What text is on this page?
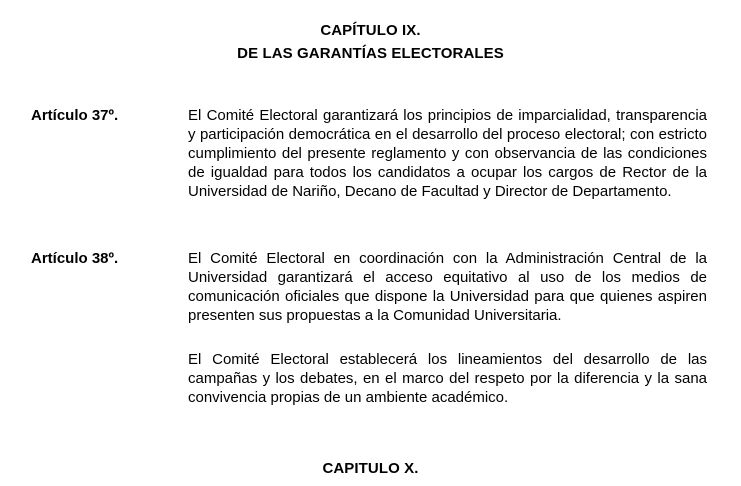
CAPÍTULO IX.
DE LAS GARANTÍAS ELECTORALES
Artículo 37º.	El Comité Electoral garantizará los principios de imparcialidad, transparencia y participación democrática en el desarrollo del proceso electoral; con estricto cumplimiento del presente reglamento y con observancia de las condiciones de igualdad para todos los candidatos a ocupar los cargos de Rector de la Universidad de Nariño, Decano de Facultad y Director de Departamento.

Artículo 38º.	El Comité Electoral en coordinación con la Administración Central de la Universidad garantizará el acceso equitativo al uso de los medios de comunicación oficiales que dispone la Universidad para que quienes aspiren presenten sus propuestas a la Comunidad Universitaria.

El Comité Electoral establecerá los lineamientos del desarrollo de las campañas y los debates, en el marco del respeto por la diferencia y la sana convivencia propias de un ambiente académico.

CAPITULO X.
